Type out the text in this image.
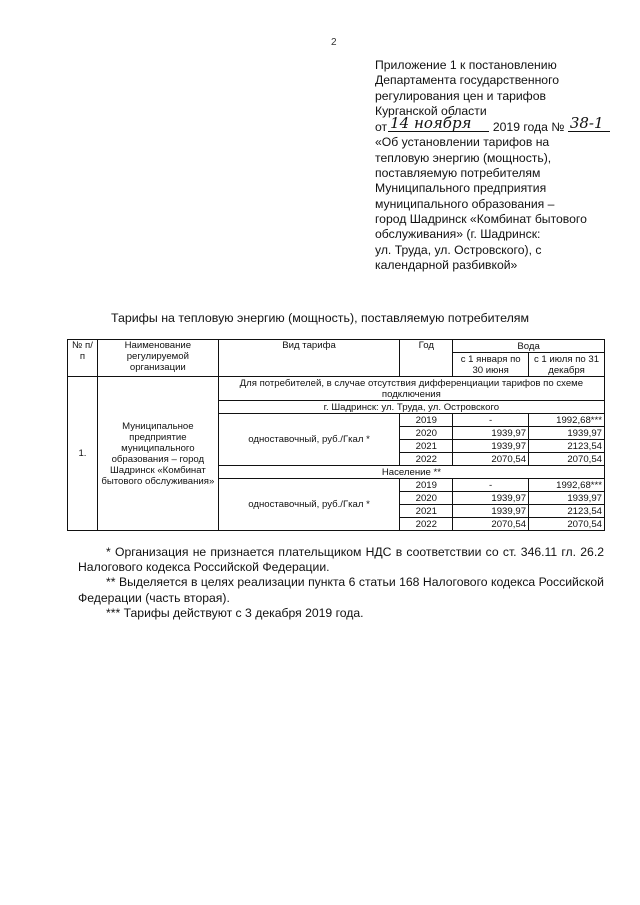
2
Приложение 1 к постановлению
Департамента государственного
регулирования цен и тарифов
Курганской области
от 14 ноября 2019 года № 38-1
«Об установлении тарифов на
тепловую энергию (мощность),
поставляемую потребителям
Муниципального предприятия
муниципального образования –
город Шадринск «Комбинат бытового
обслуживания» (г. Шадринск:
ул. Труда, ул. Островского), с
календарной разбивкой»
Тарифы на тепловую энергию (мощность), поставляемую потребителям
№ п/п	Наименование регулируемой организации	Вид тарифа	Год	Вода	
				с 1 января по 30 июня	с 1 июля по 31 декабря
1.	Муниципальное предприятие муниципального образования – город Шадринск «Комбинат бытового обслуживания»	Для потребителей, в случае отсутствия дифференциации тарифов по схеме подключения			
		г. Шадринск: ул. Труда, ул. Островского			
		одноставочный, руб./Гкал *	2019	-	1992,68***
			2020	1939,97	1939,97
			2021	1939,97	2123,54
			2022	2070,54	2070,54
		Население **			
		одноставочный, руб./Гкал *	2019	-	1992,68***
			2020	1939,97	1939,97
			2021	1939,97	2123,54
			2022	2070,54	2070,54

* Организация не признается плательщиком НДС в соответствии со ст. 346.11 гл. 26.2 Налогового кодекса Российской Федерации.

** Выделяется в целях реализации пункта 6 статьи 168 Налогового кодекса Российской Федерации (часть вторая).

*** Тарифы действуют с 3 декабря 2019 года.
